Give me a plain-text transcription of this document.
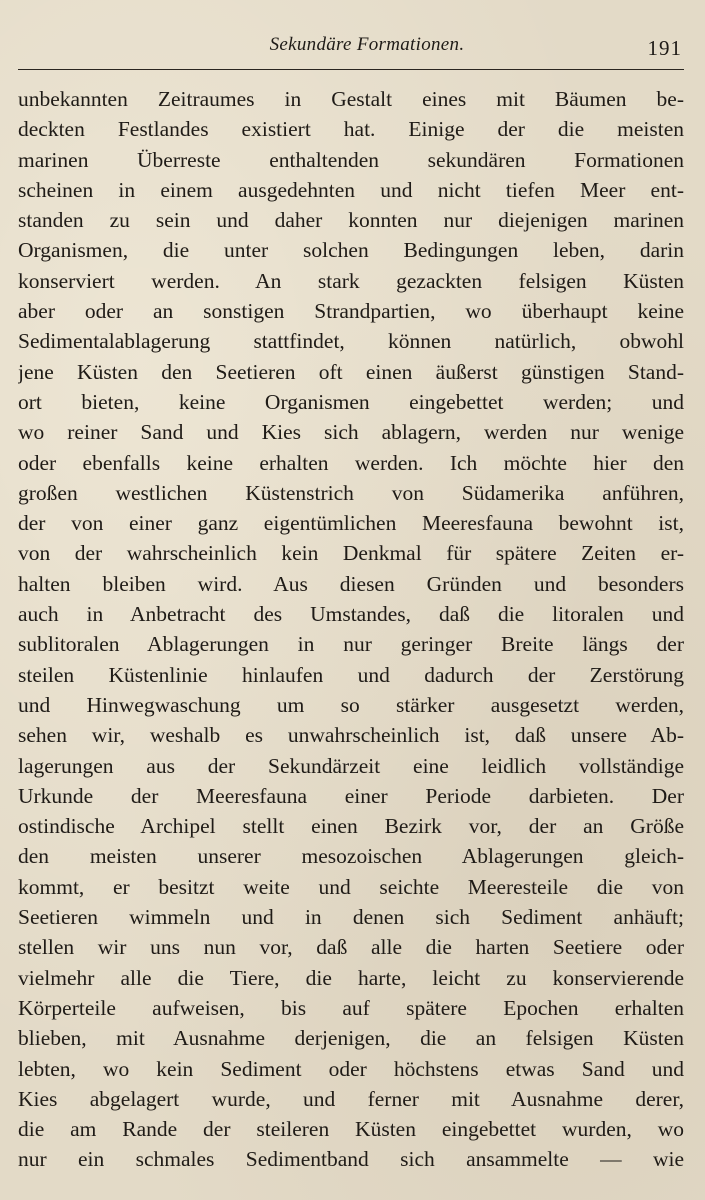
Sekundäre Formationen.	191
unbekannten Zeitraumes in Gestalt eines mit Bäumen be-
deckten Festlandes existiert hat. Einige der die meisten
marinen Überreste enthaltenden sekundären Formationen
scheinen in einem ausgedehnten und nicht tiefen Meer ent-
standen zu sein und daher konnten nur diejenigen marinen
Organismen, die unter solchen Bedingungen leben, darin
konserviert werden. An stark gezackten felsigen Küsten
aber oder an sonstigen Strandpartien, wo überhaupt keine
Sedimentalablagerung stattfindet, können natürlich, obwohl
jene Küsten den Seetieren oft einen äußerst günstigen Stand-
ort bieten, keine Organismen eingebettet werden; und
wo reiner Sand und Kies sich ablagern, werden nur wenige
oder ebenfalls keine erhalten werden. Ich möchte hier den
großen westlichen Küstenstrich von Südamerika anführen,
der von einer ganz eigentümlichen Meeresfauna bewohnt ist,
von der wahrscheinlich kein Denkmal für spätere Zeiten er-
halten bleiben wird. Aus diesen Gründen und besonders
auch in Anbetracht des Umstandes, daß die litoralen und
sublitoralen Ablagerungen in nur geringer Breite längs der
steilen Küstenlinie hinlaufen und dadurch der Zerstörung
und Hinwegwaschung um so stärker ausgesetzt werden,
sehen wir, weshalb es unwahrscheinlich ist, daß unsere Ab-
lagerungen aus der Sekundärzeit eine leidlich vollständige
Urkunde der Meeresfauna einer Periode darbieten. Der
ostindische Archipel stellt einen Bezirk vor, der an Größe
den meisten unserer mesozoischen Ablagerungen gleich-
kommt, er besitzt weite und seichte Meeresteile die von
Seetieren wimmeln und in denen sich Sediment anhäuft;
stellen wir uns nun vor, daß alle die harten Seetiere oder
vielmehr alle die Tiere, die harte, leicht zu konservierende
Körperteile aufweisen, bis auf spätere Epochen erhalten
blieben, mit Ausnahme derjenigen, die an felsigen Küsten
lebten, wo kein Sediment oder höchstens etwas Sand und
Kies abgelagert wurde, und ferner mit Ausnahme derer,
die am Rande der steileren Küsten eingebettet wurden, wo
nur ein schmales Sedimentband sich ansammelte — wie
